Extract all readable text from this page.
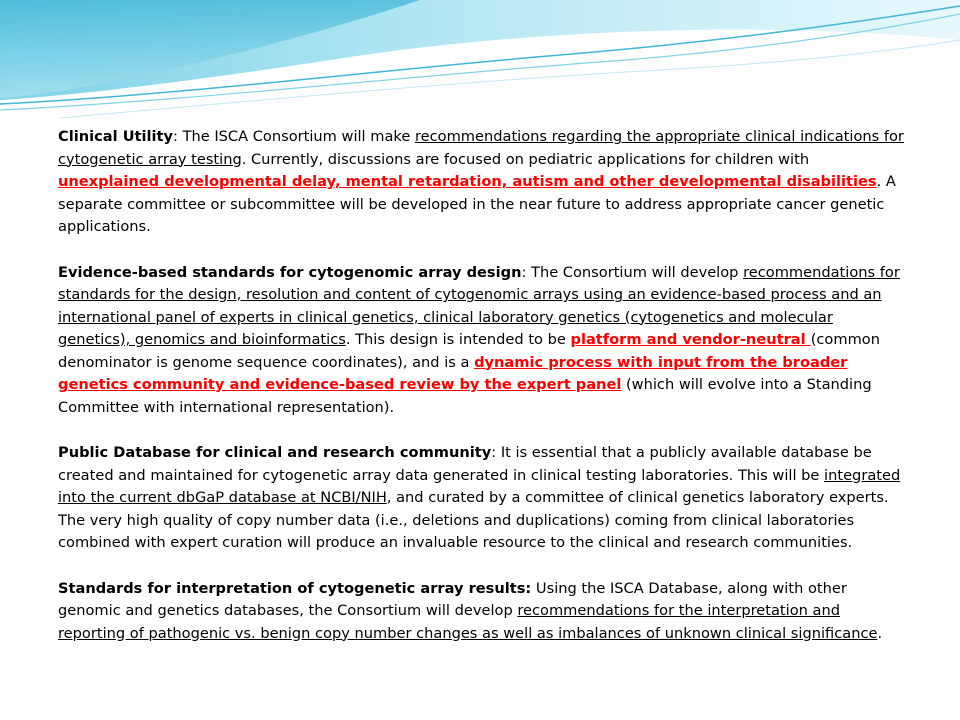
Clinical Utility: The ISCA Consortium will make recommendations regarding the appropriate clinical indications for cytogenetic array testing. Currently, discussions are focused on pediatric applications for children with unexplained developmental delay, mental retardation, autism and other developmental disabilities. A separate committee or subcommittee will be developed in the near future to address appropriate cancer genetic applications.

Evidence-based standards for cytogenomic array design: The Consortium will develop recommendations for standards for the design, resolution and content of cytogenomic arrays using an evidence-based process and an international panel of experts in clinical genetics, clinical laboratory genetics (cytogenetics and molecular genetics), genomics and bioinformatics. This design is intended to be platform and vendor-neutral (common denominator is genome sequence coordinates), and is a dynamic process with input from the broader genetics community and evidence-based review by the expert panel (which will evolve into a Standing Committee with international representation).

Public Database for clinical and research community: It is essential that a publicly available database be created and maintained for cytogenetic array data generated in clinical testing laboratories. This will be integrated into the current dbGaP database at NCBI/NIH, and curated by a committee of clinical genetics laboratory experts. The very high quality of copy number data (i.e., deletions and duplications) coming from clinical laboratories combined with expert curation will produce an invaluable resource to the clinical and research communities.

Standards for interpretation of cytogenetic array results: Using the ISCA Database, along with other genomic and genetics databases, the Consortium will develop recommendations for the interpretation and reporting of pathogenic vs. benign copy number changes as well as imbalances of unknown clinical significance.
